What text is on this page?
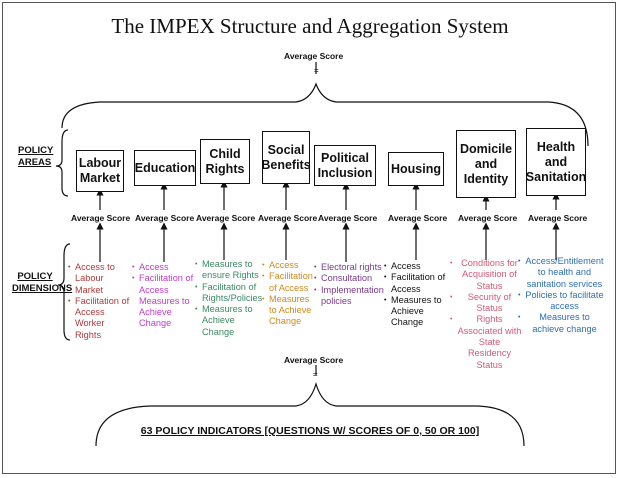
The IMPEX Structure and Aggregation System
=
=
Average Score
POLICY AREAS
POLICY DIMENSIONS
Labour Market
Education
Child Rights
Social Benefits Political Inclusion Housing
Domicile and Identity
Health and Sanitation
Average Score Average Score Average Score Average Score Average Score Average Score Average Score Average Score
• Access to Labour Market
• Facilitation of Access Worker Rights
• Access
• Facilitation of Access Measures to Achieve Change
• Measures to ensure Rights
• Facilitation of Rights/Policies
• Measures to Achieve Change
• Access
• Facilitation of Access
• Measures to Achieve Change
• Electoral rights
• Consultation
• Implementation policies
• Access
• Facilitation of Access
• Measures to Achieve Change
• Conditions for Acquisition of Status
• Security of Status
• Rights Associated with State Residency Status
• Access/Entitlement to health and sanitation services
• Policies to facilitate access
• Measures to achieve change
Average Score
63 POLICY INDICATORS [QUESTIONS W/ SCORES OF 0, 50 OR 100]
